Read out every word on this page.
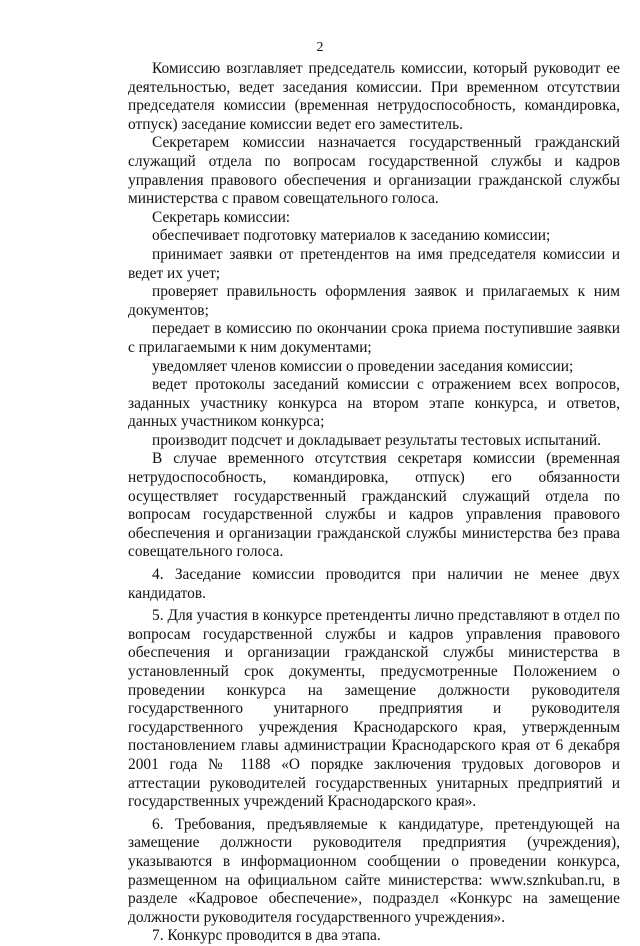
2

Комиссию возглавляет председатель комиссии, который руководит ее деятельностью, ведет заседания комиссии. При временном отсутствии председателя комиссии (временная нетрудоспособность, командировка, отпуск) заседание комиссии ведет его заместитель.

Секретарем комиссии назначается государственный гражданский служащий отдела по вопросам государственной службы и кадров управления правового обеспечения и организации гражданской службы министерства с правом совещательного голоса.

Секретарь комиссии:

обеспечивает подготовку материалов к заседанию комиссии;

принимает заявки от претендентов на имя председателя комиссии и ведет их учет;

проверяет правильность оформления заявок и прилагаемых к ним документов;

передает в комиссию по окончании срока приема поступившие заявки с прилагаемыми к ним документами;

уведомляет членов комиссии о проведении заседания комиссии;

ведет протоколы заседаний комиссии с отражением всех вопросов, заданных участнику конкурса на втором этапе конкурса, и ответов, данных участником конкурса;

производит подсчет и докладывает результаты тестовых испытаний.

В случае временного отсутствия секретаря комиссии (временная нетрудоспособность, командировка, отпуск) его обязанности осуществляет государственный гражданский служащий отдела по вопросам государственной службы и кадров управления правового обеспечения и организации гражданской службы министерства без права совещательного голоса.

4. Заседание комиссии проводится при наличии не менее двух кандидатов.

5. Для участия в конкурсе претенденты лично представляют в отдел по вопросам государственной службы и кадров управления правового обеспечения и организации гражданской службы министерства в установленный срок документы, предусмотренные Положением о проведении конкурса на замещение должности руководителя государственного унитарного предприятия и руководителя государственного учреждения Краснодарского края, утвержденным постановлением главы администрации Краснодарского края от 6 декабря 2001 года № 1188 «О порядке заключения трудовых договоров и аттестации руководителей государственных унитарных предприятий и государственных учреждений Краснодарского края».

6. Требования, предъявляемые к кандидатуре, претендующей на замещение должности руководителя предприятия (учреждения), указываются в информационном сообщении о проведении конкурса, размещенном на официальном сайте министерства: www.sznkuban.ru, в разделе «Кадровое обеспечение», подраздел «Конкурс на замещение должности руководителя государственного учреждения».

7. Конкурс проводится в два этапа.
